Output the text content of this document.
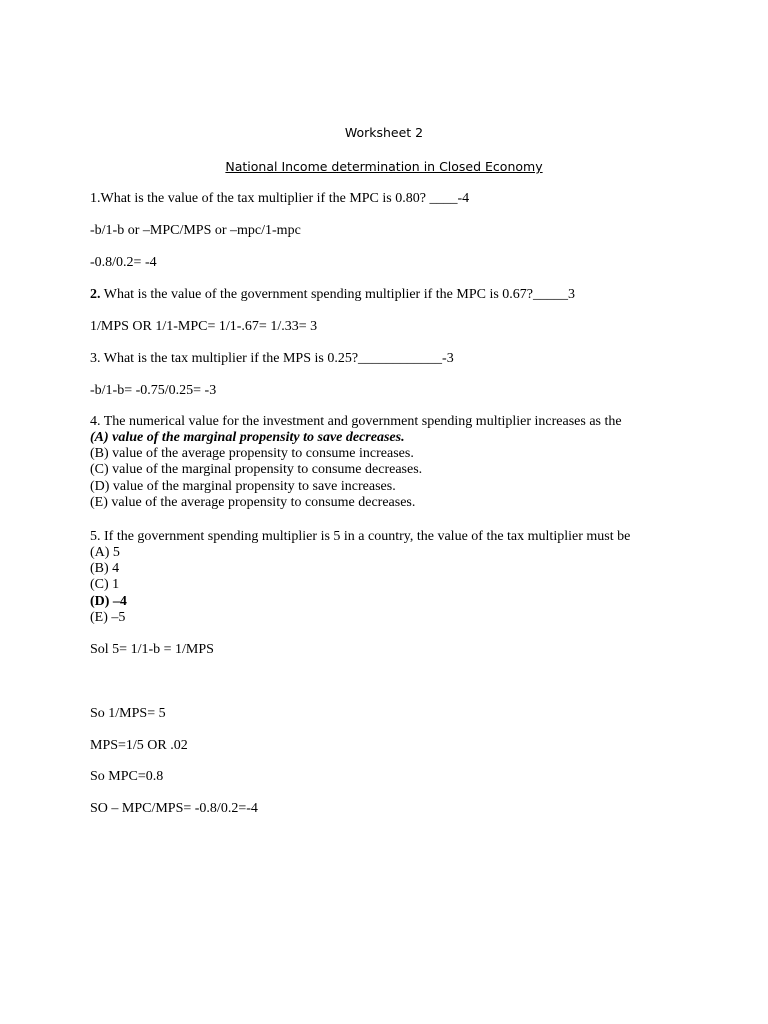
Worksheet 2
National Income determination in Closed Economy
1.What is the value of the tax multiplier if the MPC is 0.80? ____-4
-b/1-b or –MPC/MPS or –mpc/1-mpc
-0.8/0.2= -4
2. What is the value of the government spending multiplier if the MPC is 0.67?_____3
1/MPS OR 1/1-MPC= 1/1-.67= 1/.33= 3
3. What is the tax multiplier if the MPS is 0.25?____________-3
-b/1-b= -0.75/0.25= -3
4. The numerical value for the investment and government spending multiplier increases as the
(A) value of the marginal propensity to save decreases.
(B) value of the average propensity to consume increases.
(C) value of the marginal propensity to consume decreases.
(D) value of the marginal propensity to save increases.
(E) value of the average propensity to consume decreases.
5. If the government spending multiplier is 5 in a country, the value of the tax multiplier must be
(A) 5
(B) 4
(C) 1
(D) –4
(E) –5
Sol 5= 1/1-b = 1/MPS
So 1/MPS= 5
MPS=1/5 OR .02
So MPC=0.8
SO – MPC/MPS= -0.8/0.2=-4
